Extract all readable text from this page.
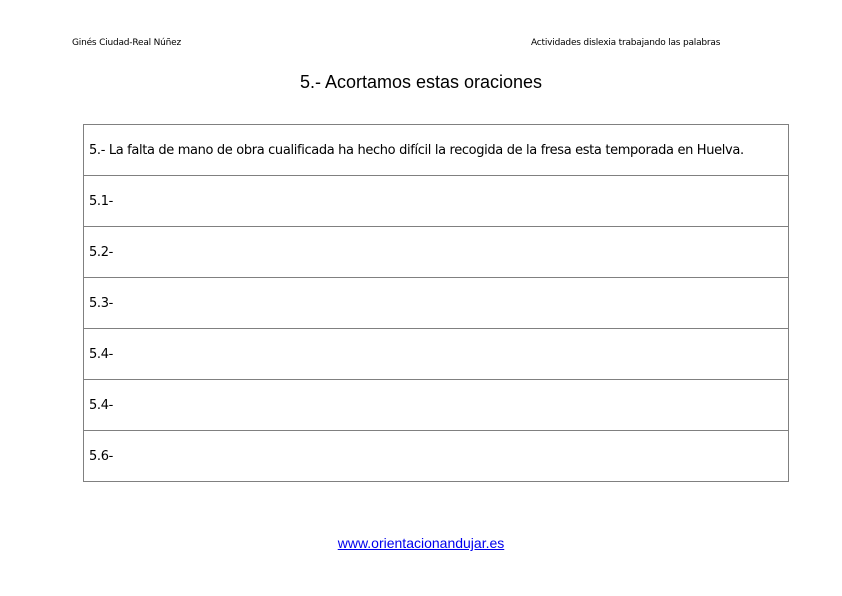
Ginés Ciudad-Real Núñez	Actividades dislexia trabajando las palabras
5.- Acortamos estas oraciones
5.- La falta de mano de obra cualificada ha hecho difícil la recogida de la fresa esta temporada en Huelva.
5.1-
5.2-
5.3-
5.4-
5.4-
5.6-
www.orientacionandujar.es
